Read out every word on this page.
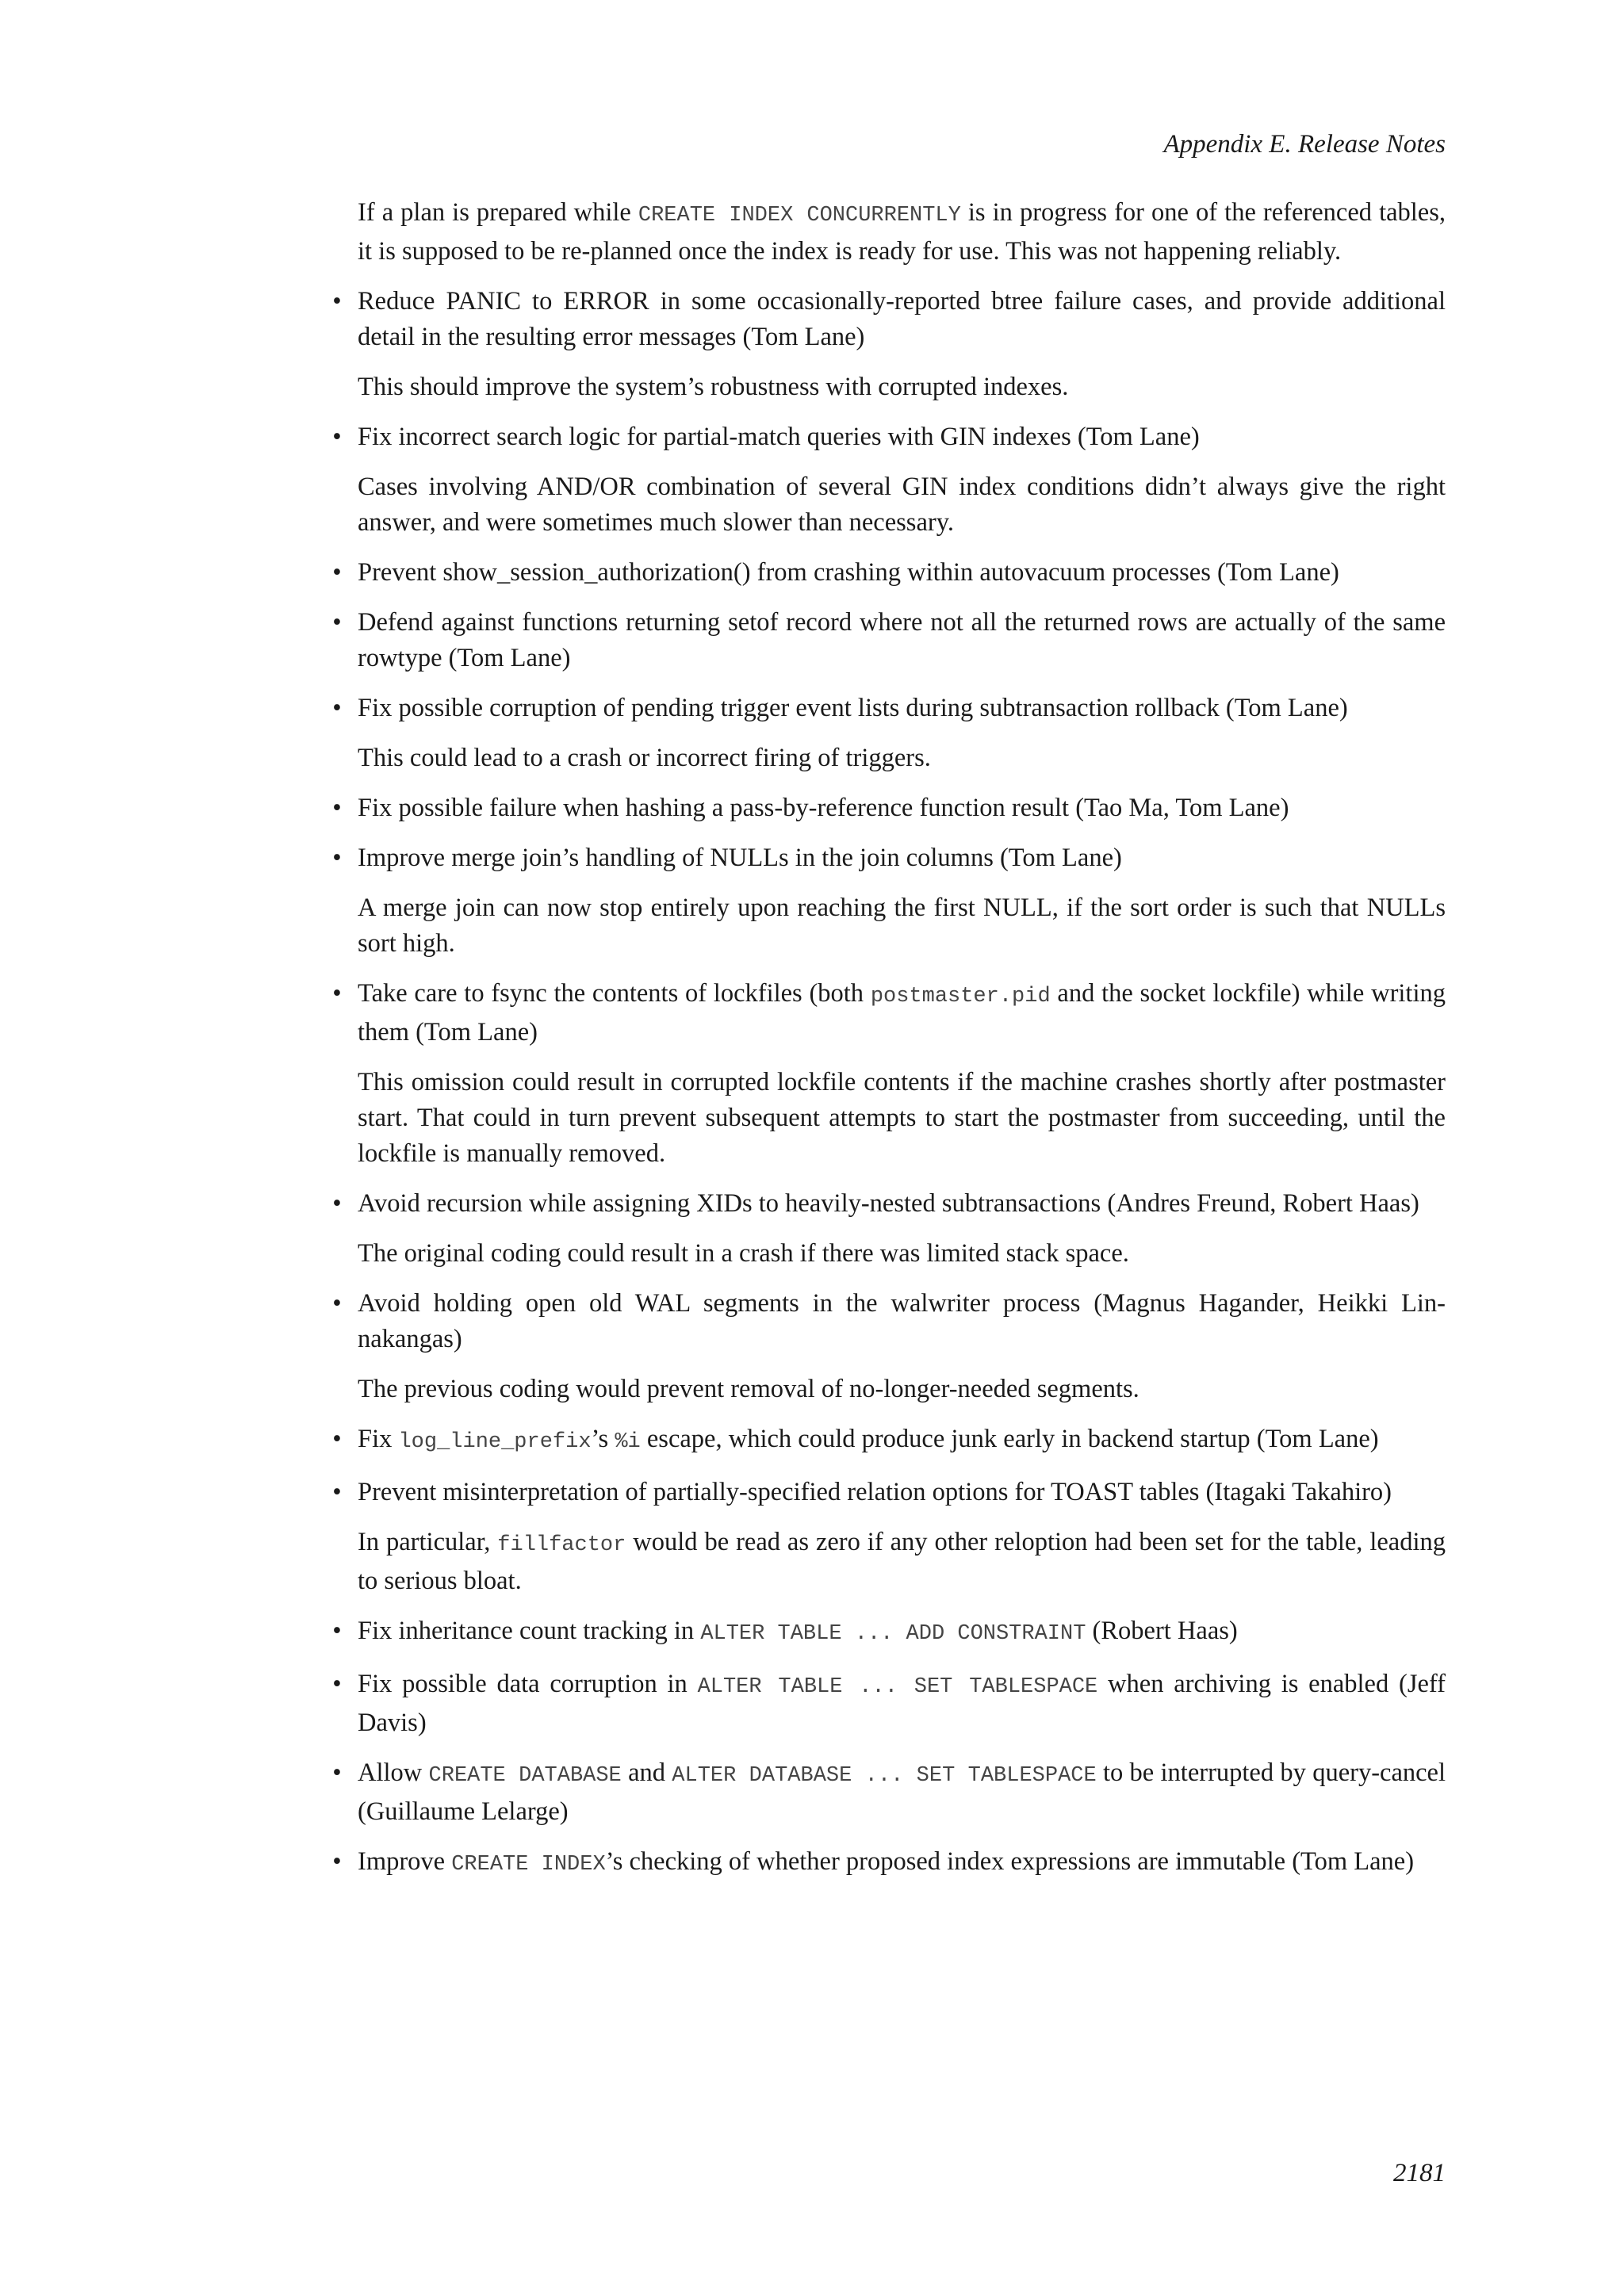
Appendix E. Release Notes

If a plan is prepared while CREATE INDEX CONCURRENTLY is in progress for one of the referenced tables, it is supposed to be re-planned once the index is ready for use. This was not happening reliably.

• Reduce PANIC to ERROR in some occasionally-reported btree failure cases, and provide additional detail in the resulting error messages (Tom Lane)

This should improve the system’s robustness with corrupted indexes.

• Fix incorrect search logic for partial-match queries with GIN indexes (Tom Lane)

Cases involving AND/OR combination of several GIN index conditions didn’t always give the right answer, and were sometimes much slower than necessary.

• Prevent show_session_authorization() from crashing within autovacuum processes (Tom Lane)

• Defend against functions returning setof record where not all the returned rows are actually of the same rowtype (Tom Lane)

• Fix possible corruption of pending trigger event lists during subtransaction rollback (Tom Lane)

This could lead to a crash or incorrect firing of triggers.

• Fix possible failure when hashing a pass-by-reference function result (Tao Ma, Tom Lane)

• Improve merge join’s handling of NULLs in the join columns (Tom Lane)

A merge join can now stop entirely upon reaching the first NULL, if the sort order is such that NULLs sort high.

• Take care to fsync the contents of lockfiles (both postmaster.pid and the socket lockfile) while writing them (Tom Lane)

This omission could result in corrupted lockfile contents if the machine crashes shortly after postmaster start. That could in turn prevent subsequent attempts to start the postmaster from succeeding, until the lockfile is manually removed.

• Avoid recursion while assigning XIDs to heavily-nested subtransactions (Andres Freund, Robert Haas)

The original coding could result in a crash if there was limited stack space.

• Avoid holding open old WAL segments in the walwriter process (Magnus Hagander, Heikki Linnakangas)

The previous coding would prevent removal of no-longer-needed segments.

• Fix log_line_prefix’s %i escape, which could produce junk early in backend startup (Tom Lane)

• Prevent misinterpretation of partially-specified relation options for TOAST tables (Itagaki Takahiro)

In particular, fillfactor would be read as zero if any other reloption had been set for the table, leading to serious bloat.

• Fix inheritance count tracking in ALTER TABLE ... ADD CONSTRAINT (Robert Haas)

• Fix possible data corruption in ALTER TABLE ... SET TABLESPACE when archiving is enabled (Jeff Davis)

• Allow CREATE DATABASE and ALTER DATABASE ... SET TABLESPACE to be interrupted by query-cancel (Guillaume Lelarge)

• Improve CREATE INDEX’s checking of whether proposed index expressions are immutable (Tom Lane)

2181
